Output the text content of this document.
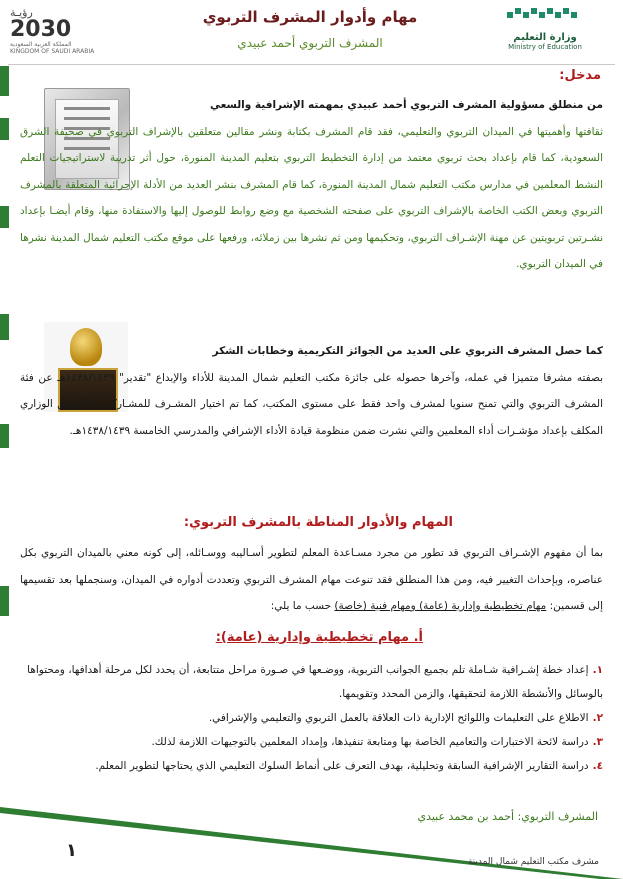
رؤيـة
2030
المملكة العربية السعودية
KINGDOM OF SAUDI ARABIA
مهام وأدوار المشرف التربوي
المشرف التربوي أحمد عبيدي	وزارة التعليم
Ministry of Education
مدخل:
من منطلق مسؤولية المشرف التربوي أحمد عبيدي بمهمته الإشرافية والسعي
ثقافتها وأهميتها في الميدان التربوي والتعليمي، فقد قام المشرف بكتابة ونشر مقالين متعلقين بالإشراف التربوي في صحيفة الشرق السعودية، كما قام بإعداد بحث تربوي معتمد من إدارة التخطيط التربوي بتعليم المدينة المنورة، حول أثر تدريبة لاستراتيجيات التعلم النشط المعلمين في مدارس مكتب التعليم شمال المدينة المنورة، كما قام المشرف بنشر العديد من الأدلة الإجرائية المتعلقة بالمشرف التربوي وبعض الكتب الخاصة بالإشراف التربوي على صفحته الشخصية مع وضع روابط للوصول إليها والاستفادة منها، وقام أيضـا بإعداد نشـرتين تربويتين عن مهنة الإشـراف التربوي، وتحكيمها ومن ثم نشرها بين زملائه، ورفعها على موقع مكتب التعليم شمال المدينة نشرها في الميدان التربوي.
كما حصل المشرف التربوي على العديد من الجوائز التكريمية وخطابات الشكر
بصفته مشرفا متميزا في عمله، وآخرها حصوله على جائزة مكتب التعليم شمال المدينة للأداء والإبداع "تقدير" ١٤٣٨/١٤٣٩هـ عن فئة المشرف التربوي والتي تمنح سنويا لمشرف واحد فقط على مستوى المكتب، كما تم اختيار المشـرف للمشـاركة مع الفريق الوزاري المكلف بإعداد مؤشـرات أداء المعلمين والتي نشرت ضمن منظومة قيادة الأداء الإشرافي والمدرسي الخامسة ١٤٣٨/١٤٣٩هـ.
المهام والأدوار المناطة بالمشرف التربوي:
بما أن مفهوم الإشـراف التربوي قد تطور من مجرد مسـاعدة المعلم لتطوير أسـاليبه ووسـائله، إلى كونه معني بالميدان التربوي بكل عناصره، وبإحداث التغيير فيه، ومن هذا المنطلق فقد تنوعت مهام المشرف التربوي وتعددت أدواره في الميدان، وسنجملها بعد تقسيمها إلى قسمين: مهام تخطيطية وإدارية (عامة) ومهام فنية (خاصة) حسب ما يلي:
أ. مهام تخطيطية وإدارية (عامة):
١.إعداد خطة إشـرافية شـاملة تلم بجميع الجوانب التربوية، ووضـعها في صـورة مراحل متتابعة، أن يحدد لكل مرحلة أهدافها، ومحتواها بالوسائل والأنشطة اللازمة لتحقيقها، والزمن المحدد وتقويمها.
٢.الاطلاع على التعليمات واللوائح الإدارية ذات العلاقة بالعمل التربوي والتعليمي والإشرافي.
٣.دراسة لائحة الاختبارات والتعاميم الخاصة بها ومتابعة تنفيذها، وإمداد المعلمين بالتوجيهات اللازمة لذلك.
٤.دراسة التقارير الإشرافية السابقة وتحليلية، بهدف التعرف على أنماط السلوك التعليمي الذي يحتاجها لتطوير المعلم.
المشرف التربوي: أحمد بن محمد عبيدي
١
مشرف مكتب التعليم شمال المدينة
